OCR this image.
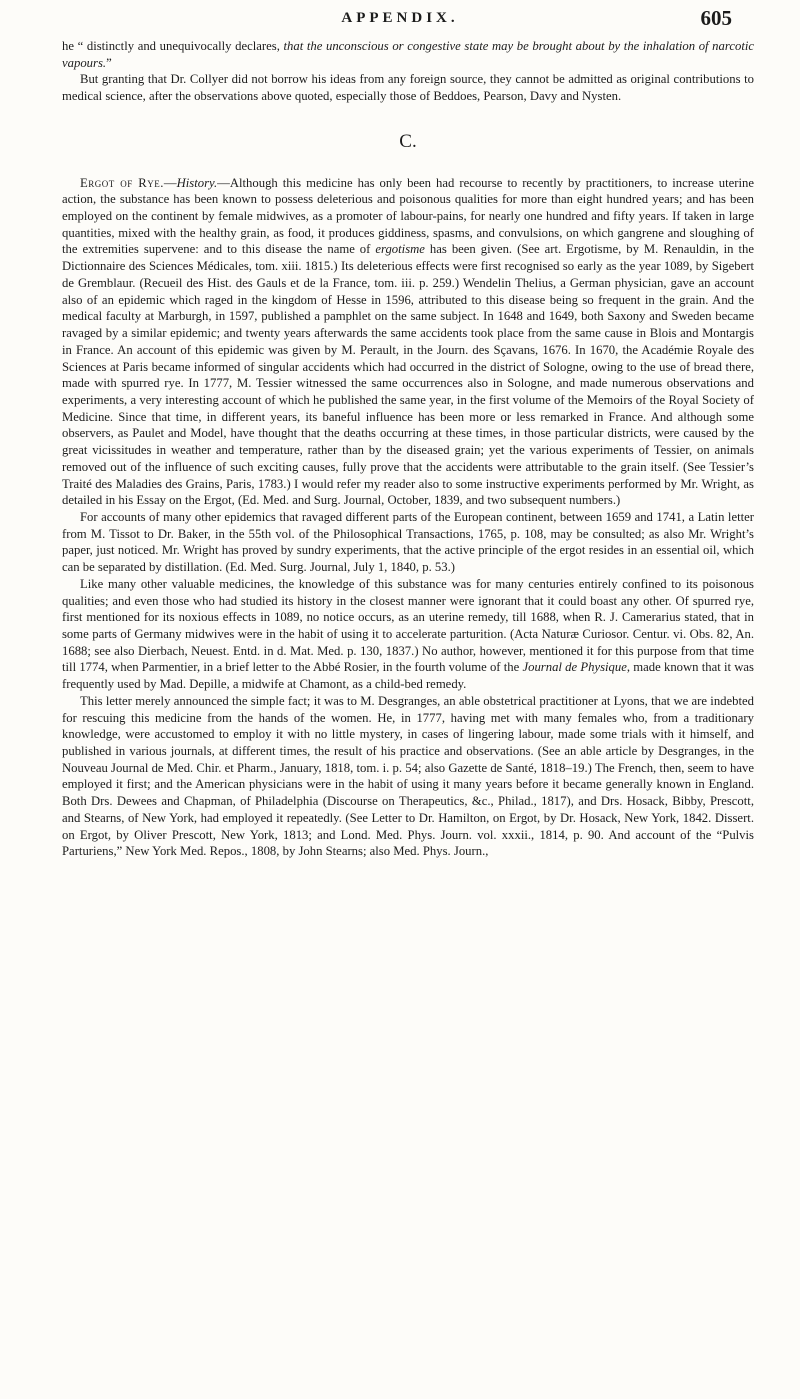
APPENDIX.	605

he “ distinctly and unequivocally declares, that the unconscious or congestive state may be brought about by the inhalation of narcotic vapours.”

But granting that Dr. Collyer did not borrow his ideas from any foreign source, they cannot be admitted as original contributions to medical science, after the observations above quoted, especially those of Beddoes, Pearson, Davy and Nysten.

C.

Ergot of Rye.—History.—Although this medicine has only been had recourse to recently by practitioners, to increase uterine action, the substance has been known to possess deleterious and poisonous qualities for more than eight hundred years; and has been employed on the continent by female midwives, as a promoter of labour-pains, for nearly one hundred and fifty years. If taken in large quantities, mixed with the healthy grain, as food, it produces giddiness, spasms, and convulsions, on which gangrene and sloughing of the extremities supervene: and to this disease the name of ergotisme has been given. (See art. Ergotisme, by M. Renauldin, in the Dictionnaire des Sciences Médicales, tom. xiii. 1815.) Its deleterious effects were first recognised so early as the year 1089, by Sigebert de Gremblaur. (Recueil des Hist. des Gauls et de la France, tom. iii. p. 259.) Wendelin Thelius, a German physician, gave an account also of an epidemic which raged in the kingdom of Hesse in 1596, attributed to this disease being so frequent in the grain. And the medical faculty at Marburgh, in 1597, published a pamphlet on the same subject. In 1648 and 1649, both Saxony and Sweden became ravaged by a similar epidemic; and twenty years afterwards the same accidents took place from the same cause in Blois and Montargis in France. An account of this epidemic was given by M. Perault, in the Journ. des Sçavans, 1676. In 1670, the Académie Royale des Sciences at Paris became informed of singular accidents which had occurred in the district of Sologne, owing to the use of bread there, made with spurred rye. In 1777, M. Tessier witnessed the same occurrences also in Sologne, and made numerous observations and experiments, a very interesting account of which he published the same year, in the first volume of the Memoirs of the Royal Society of Medicine. Since that time, in different years, its baneful influence has been more or less remarked in France. And although some observers, as Paulet and Model, have thought that the deaths occurring at these times, in those particular districts, were caused by the great vicissitudes in weather and temperature, rather than by the diseased grain; yet the various experiments of Tessier, on animals removed out of the influence of such exciting causes, fully prove that the accidents were attributable to the grain itself. (See Tessier’s Traité des Maladies des Grains, Paris, 1783.) I would refer my reader also to some instructive experiments performed by Mr. Wright, as detailed in his Essay on the Ergot, (Ed. Med. and Surg. Journal, October, 1839, and two subsequent numbers.)

For accounts of many other epidemics that ravaged different parts of the European continent, between 1659 and 1741, a Latin letter from M. Tissot to Dr. Baker, in the 55th vol. of the Philosophical Transactions, 1765, p. 108, may be consulted; as also Mr. Wright’s paper, just noticed. Mr. Wright has proved by sundry experiments, that the active principle of the ergot resides in an essential oil, which can be separated by distillation. (Ed. Med. Surg. Journal, July 1, 1840, p. 53.)

Like many other valuable medicines, the knowledge of this substance was for many centuries entirely confined to its poisonous qualities; and even those who had studied its history in the closest manner were ignorant that it could boast any other. Of spurred rye, first mentioned for its noxious effects in 1089, no notice occurs, as an uterine remedy, till 1688, when R. J. Camerarius stated, that in some parts of Germany midwives were in the habit of using it to accelerate parturition. (Acta Naturæ Curiosor. Centur. vi. Obs. 82, An. 1688; see also Dierbach, Neuest. Entd. in d. Mat. Med. p. 130, 1837.) No author, however, mentioned it for this purpose from that time till 1774, when Parmentier, in a brief letter to the Abbé Rosier, in the fourth volume of the Journal de Physique, made known that it was frequently used by Mad. Depille, a midwife at Chamont, as a child-bed remedy.

This letter merely announced the simple fact; it was to M. Desgranges, an able obstetrical practitioner at Lyons, that we are indebted for rescuing this medicine from the hands of the women. He, in 1777, having met with many females who, from a traditionary knowledge, were accustomed to employ it with no little mystery, in cases of lingering labour, made some trials with it himself, and published in various journals, at different times, the result of his practice and observations. (See an able article by Desgranges, in the Nouveau Journal de Med. Chir. et Pharm., January, 1818, tom. i. p. 54; also Gazette de Santé, 1818–19.) The French, then, seem to have employed it first; and the American physicians were in the habit of using it many years before it became generally known in England. Both Drs. Dewees and Chapman, of Philadelphia (Discourse on Therapeutics, &c., Philad., 1817), and Drs. Hosack, Bibby, Prescott, and Stearns, of New York, had employed it repeatedly. (See Letter to Dr. Hamilton, on Ergot, by Dr. Hosack, New York, 1842. Dissert. on Ergot, by Oliver Prescott, New York, 1813; and Lond. Med. Phys. Journ. vol. xxxii., 1814, p. 90. And account of the “Pulvis Parturiens,” New York Med. Repos., 1808, by John Stearns; also Med. Phys. Journ.,
